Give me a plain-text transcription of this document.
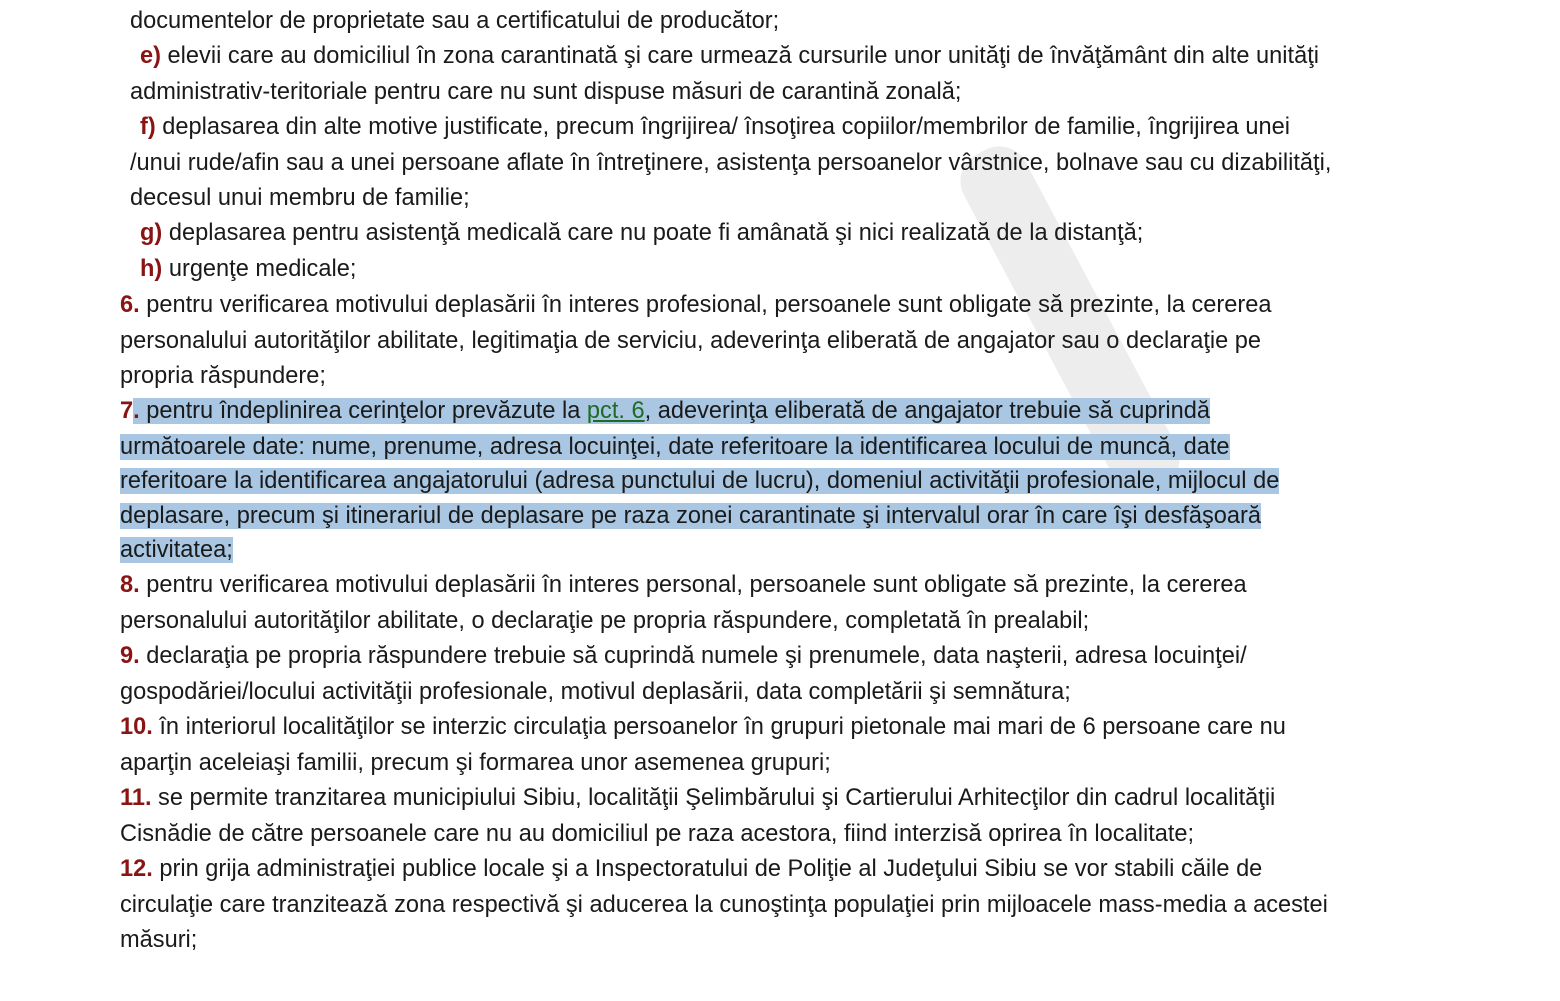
documentelor de proprietate sau a certificatului de producător;
e) elevii care au domiciliul în zona carantinată şi care urmează cursurile unor unităţi de învăţământ din alte unităţi
administrativ-teritoriale pentru care nu sunt dispuse măsuri de carantină zonală;
f) deplasarea din alte motive justificate, precum îngrijirea/ însoţirea copiilor/membrilor de familie, îngrijirea unei
/unui rude/afin sau a unei persoane aflate în întreţinere, asistenţa persoanelor vârstnice, bolnave sau cu dizabilităţi,
decesul unui membru de familie;
g) deplasarea pentru asistenţă medicală care nu poate fi amânată şi nici realizată de la distanţă;
h) urgenţe medicale;
6. pentru verificarea motivului deplasării în interes profesional, persoanele sunt obligate să prezinte, la cererea
personalului autorităţilor abilitate, legitimaţia de serviciu, adeverinţa eliberată de angajator sau o declaraţie pe
propria răspundere;
7. pentru îndeplinirea cerinţelor prevăzute la pct. 6, adeverinţa eliberată de angajator trebuie să cuprindă
următoarele date: nume, prenume, adresa locuinţei, date referitoare la identificarea locului de muncă, date
referitoare la identificarea angajatorului (adresa punctului de lucru), domeniul activităţii profesionale, mijlocul de
deplasare, precum şi itinerariul de deplasare pe raza zonei carantinate şi intervalul orar în care îşi desfăşoară
activitatea;
8. pentru verificarea motivului deplasării în interes personal, persoanele sunt obligate să prezinte, la cererea
personalului autorităţilor abilitate, o declaraţie pe propria răspundere, completată în prealabil;
9. declaraţia pe propria răspundere trebuie să cuprindă numele şi prenumele, data naşterii, adresa locuinţei/
gospodăriei/locului activităţii profesionale, motivul deplasării, data completării şi semnătura;
10. în interiorul localităţilor se interzic circulaţia persoanelor în grupuri pietonale mai mari de 6 persoane care nu
aparţin aceleiaşi familii, precum şi formarea unor asemenea grupuri;
11. se permite tranzitarea municipiului Sibiu, localităţii Şelimbărului şi Cartierului Arhitecţilor din cadrul localităţii
Cisnădie de către persoanele care nu au domiciliul pe raza acestora, fiind interzisă oprirea în localitate;
12. prin grija administraţiei publice locale şi a Inspectoratului de Poliţie al Judeţului Sibiu se vor stabili căile de
circulaţie care tranzitează zona respectivă şi aducerea la cunoştinţa populaţiei prin mijloacele mass-media a acestei
măsuri;
